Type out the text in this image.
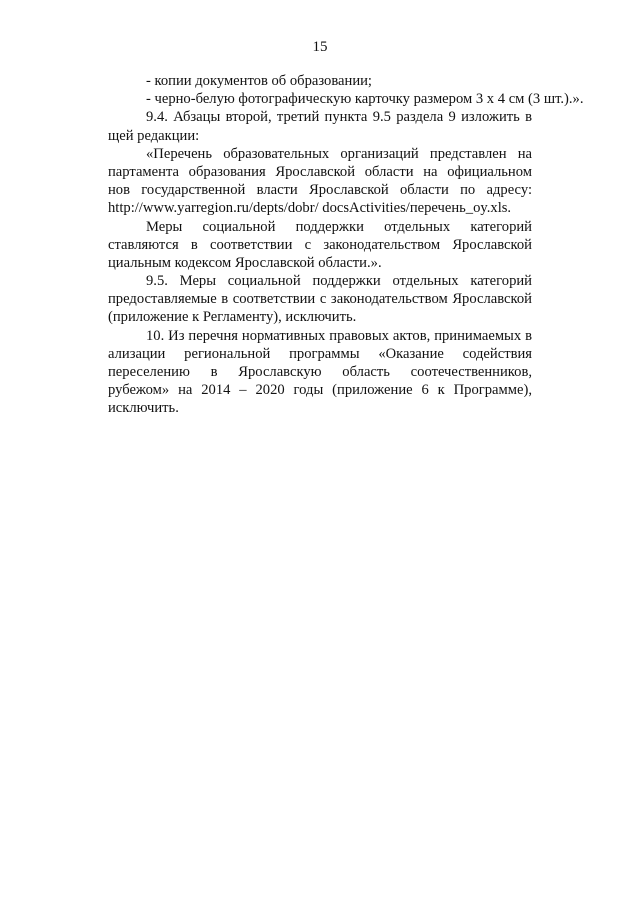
15
- копии документов об образовании;
- черно-белую фотографическую карточку размером 3 х 4 см (3 шт.).».
9.4. Абзацы второй, третий пункта 9.5 раздела 9 изложить в
щей редакции:
«Перечень образовательных организаций представлен на
партамента образования Ярославской области на официальном
нов государственной власти Ярославской области по адресу:
http://www.yarregion.ru/depts/dobr/ docsActivities/перечень_oy.xls.
Меры социальной поддержки отдельных категорий
ставляются в соответствии с законодательством Ярославской
циальным кодексом Ярославской области.».
9.5. Меры социальной поддержки отдельных категорий
предоставляемые в соответствии с законодательством Ярославской
(приложение к Регламенту), исключить.
10. Из перечня нормативных правовых актов, принимаемых в
ализации региональной программы «Оказание содействия
переселению в Ярославскую область соотечественников,
рубежом» на 2014 – 2020 годы (приложение 6 к Программе),
исключить.
